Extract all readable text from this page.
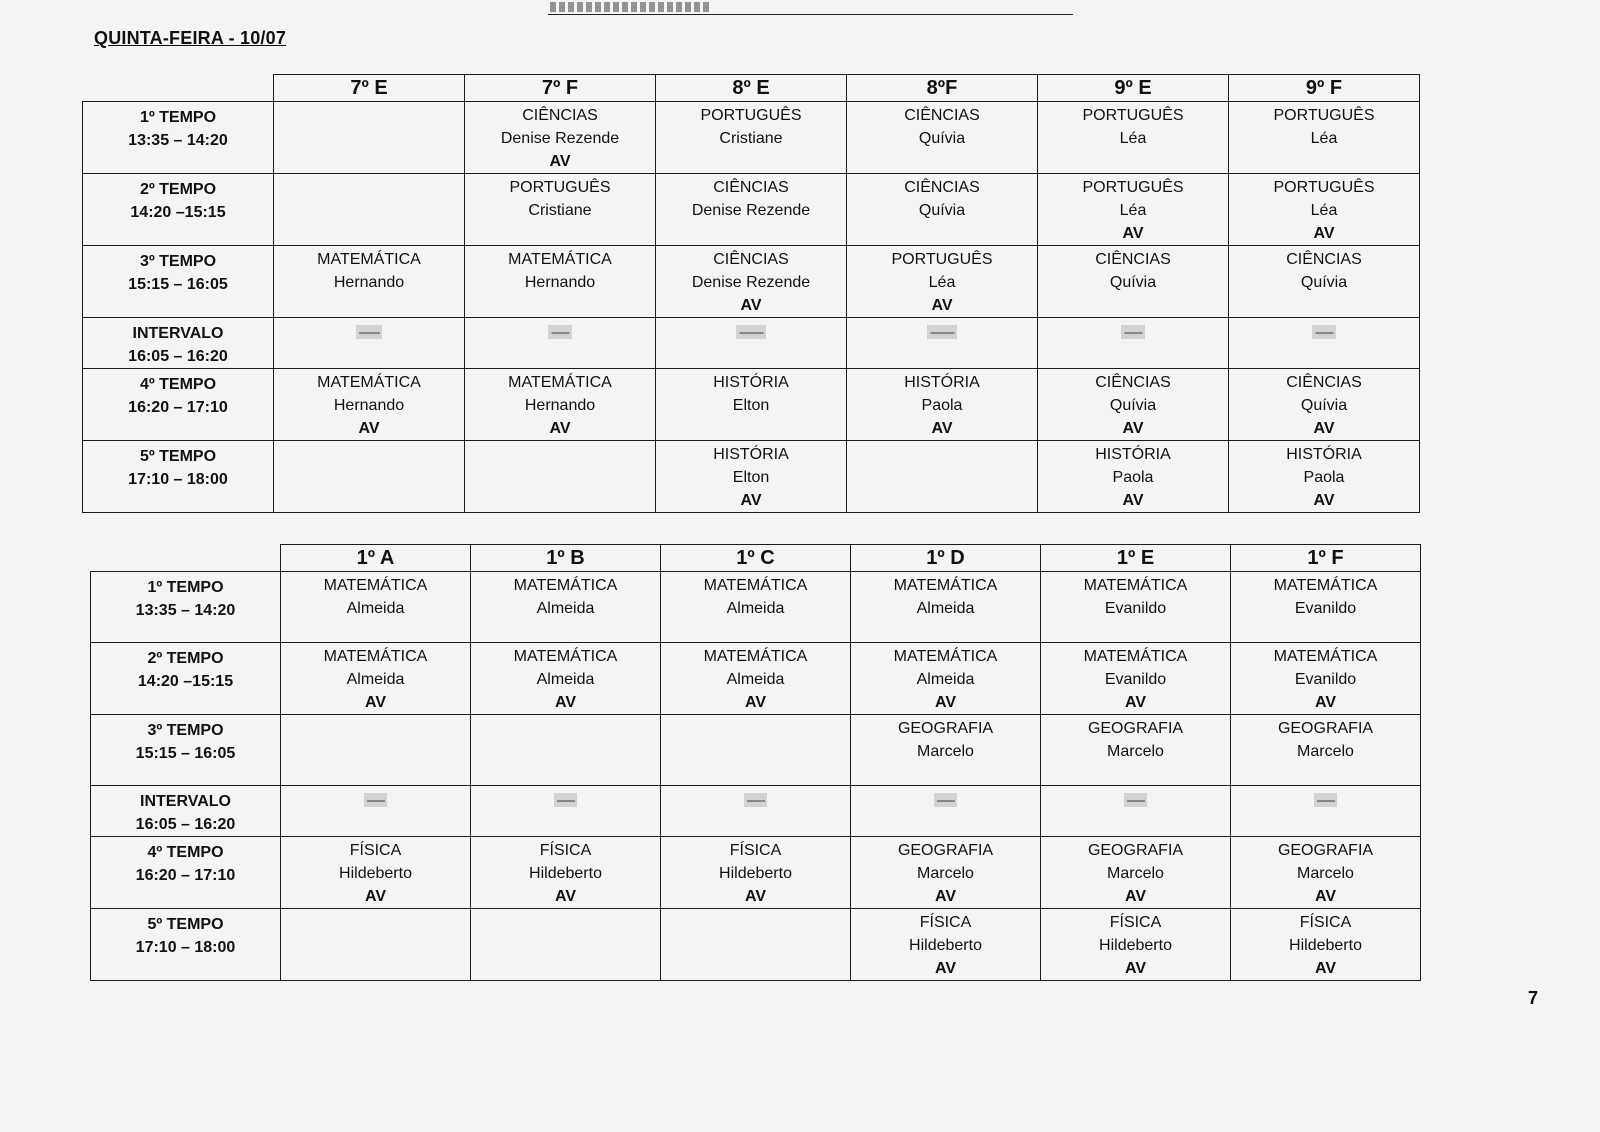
QUINTA-FEIRA - 10/07
	7º E	7º F	8º E	8ºF	9º E	9º F

1º TEMPO
13:35 – 14:20		CIÊNCIAS
Denise Rezende
AV	PORTUGUÊS
Cristiane	CIÊNCIAS
Quívia	PORTUGUÊS
Léa	PORTUGUÊS
Léa

2º TEMPO
14:20 –15:15		PORTUGUÊS
Cristiane	CIÊNCIAS
Denise Rezende	CIÊNCIAS
Quívia	PORTUGUÊS
Léa
AV	PORTUGUÊS
Léa
AV

3º TEMPO
15:15 – 16:05	MATEMÁTICA
Hernando	MATEMÁTICA
Hernando	CIÊNCIAS
Denise Rezende
AV	PORTUGUÊS
Léa
AV	CIÊNCIAS
Quívia	CIÊNCIAS
Quívia

INTERVALO
16:05 – 16:20	-------	------	--------	--------	------	------

4º TEMPO
16:20 – 17:10	MATEMÁTICA
Hernando
AV	MATEMÁTICA
Hernando
AV	HISTÓRIA
Elton	HISTÓRIA
Paola
AV	CIÊNCIAS
Quívia
AV	CIÊNCIAS
Quívia
AV

5º TEMPO
17:10 – 18:00			HISTÓRIA
Elton
AV		HISTÓRIA
Paola
AV	HISTÓRIA
Paola
AV
	1º A	1º B	1º C	1º D	1º E	1º F

1º TEMPO
13:35 – 14:20	MATEMÁTICA
Almeida	MATEMÁTICA
Almeida	MATEMÁTICA
Almeida	MATEMÁTICA
Almeida	MATEMÁTICA
Evanildo	MATEMÁTICA
Evanildo

2º TEMPO
14:20 –15:15	MATEMÁTICA
Almeida
AV	MATEMÁTICA
Almeida
AV	MATEMÁTICA
Almeida
AV	MATEMÁTICA
Almeida
AV	MATEMÁTICA
Evanildo
AV	MATEMÁTICA
Evanildo
AV

3º TEMPO
15:15 – 16:05				GEOGRAFIA
Marcelo	GEOGRAFIA
Marcelo	GEOGRAFIA
Marcelo

INTERVALO
16:05 – 16:20	------	------	------	------	------	------

4º TEMPO
16:20 – 17:10	FÍSICA
Hildeberto
AV	FÍSICA
Hildeberto
AV	FÍSICA
Hildeberto
AV	GEOGRAFIA
Marcelo
AV	GEOGRAFIA
Marcelo
AV	GEOGRAFIA
Marcelo
AV

5º TEMPO
17:10 – 18:00				FÍSICA
Hildeberto
AV	FÍSICA
Hildeberto
AV	FÍSICA
Hildeberto
AV
7
